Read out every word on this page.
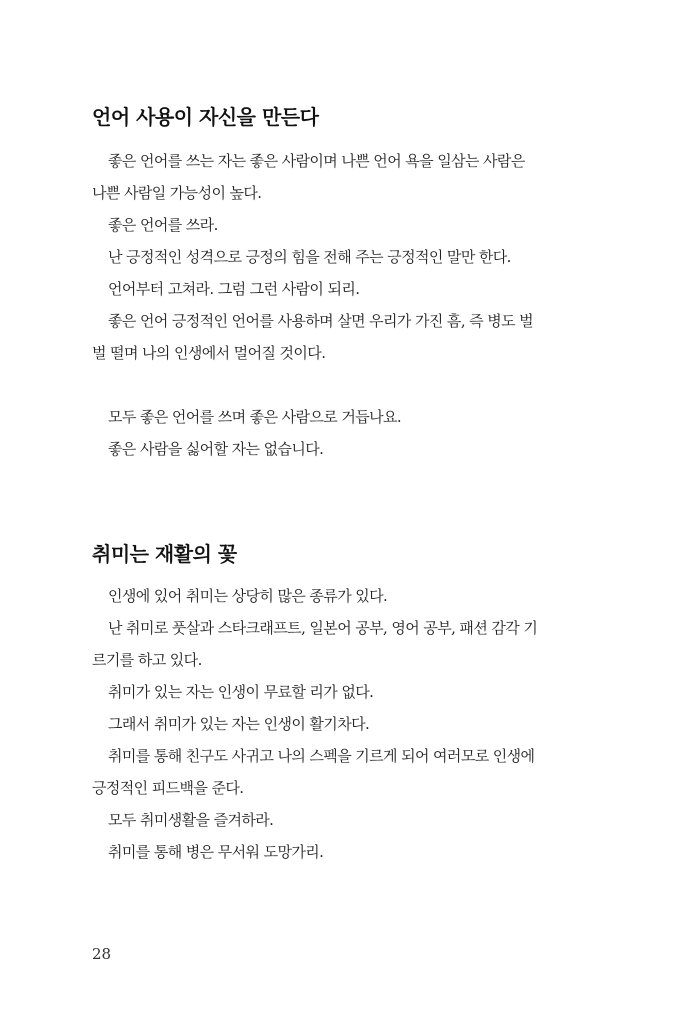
언어 사용이 자신을 만든다
좋은 언어를 쓰는 자는 좋은 사람이며 나쁜 언어 욕을 일삼는 사람은
나쁜 사람일 가능성이 높다.
좋은 언어를 쓰라.
난 긍정적인 성격으로 긍정의 힘을 전해 주는 긍정적인 말만 한다.
언어부터 고쳐라. 그럼 그런 사람이 되리.
좋은 언어 긍정적인 언어를 사용하며 살면 우리가 가진 흠, 즉 병도 벌
벌 떨며 나의 인생에서 멀어질 것이다.
모두 좋은 언어를 쓰며 좋은 사람으로 거듭나요.
좋은 사람을 싫어할 자는 없습니다.
취미는 재활의 꽃
인생에 있어 취미는 상당히 많은 종류가 있다.
난 취미로 풋살과 스타크래프트, 일본어 공부, 영어 공부, 패션 감각 기
르기를 하고 있다.
취미가 있는 자는 인생이 무료할 리가 없다.
그래서 취미가 있는 자는 인생이 활기차다.
취미를 통해 친구도 사귀고 나의 스펙을 기르게 되어 여러모로 인생에
긍정적인 피드백을 준다.
모두 취미생활을 즐겨하라.
취미를 통해 병은 무서워 도망가리.
28
